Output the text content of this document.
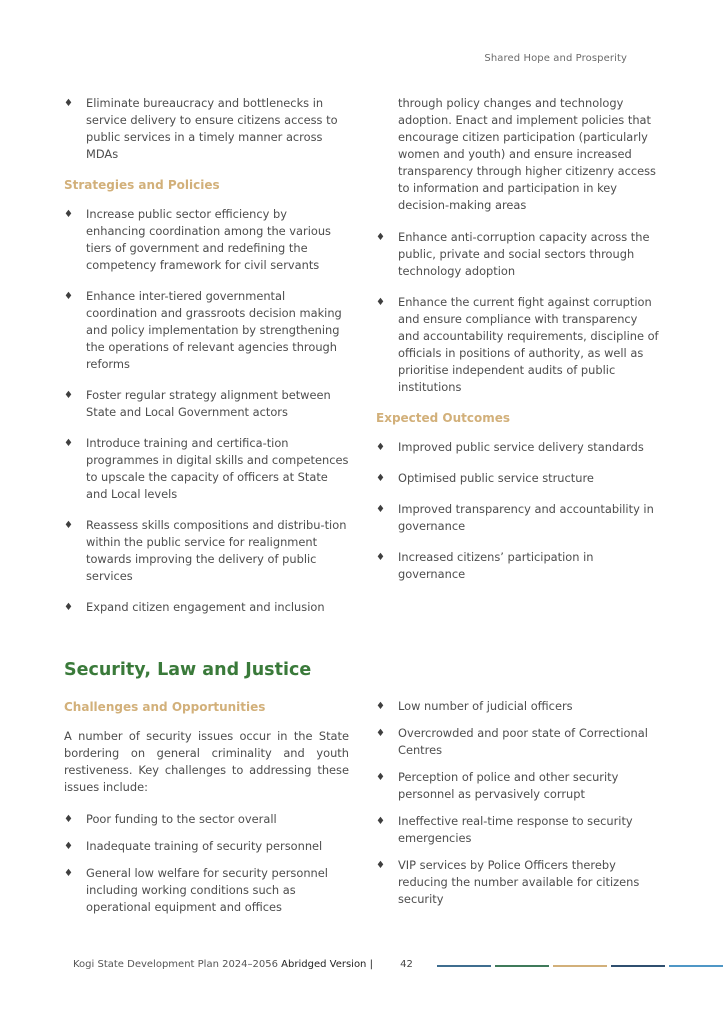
Shared Hope and Prosperity
♦ Eliminate bureaucracy and bottlenecks in service delivery to ensure citizens access to public services in a timely manner across MDAs

Strategies and Policies

♦ Increase public sector efficiency by enhancing coordination among the various tiers of government and redefining the competency framework for civil servants
♦ Enhance inter-tiered governmental coordination and grassroots decision making and policy implementation by strengthening the operations of relevant agencies through reforms
♦ Foster regular strategy alignment between State and Local Government actors
♦ Introduce training and certifica-tion programmes in digital skills and competences to upscale the capacity of officers at State and Local levels
♦ Reassess skills compositions and distribu-tion within the public service for realignment towards improving the delivery of public services
♦ Expand citizen engagement and inclusion

through policy changes and technology adoption. Enact and implement policies that encourage citizen participation (particularly women and youth) and ensure increased transparency through higher citizenry access to information and participation in key decision-making areas

♦ Enhance anti-corruption capacity across the public, private and social sectors through technology adoption
♦ Enhance the current fight against corruption and ensure compliance with transparency and accountability requirements, discipline of officials in positions of authority, as well as prioritise independent audits of public institutions

Expected Outcomes

♦ Improved public service delivery standards
♦ Optimised public service structure
♦ Improved transparency and accountability in governance
♦ Increased citizens’ participation in governance
Security, Law and Justice

Challenges and Opportunities

A number of security issues occur in the State bordering on general criminality and youth restiveness. Key challenges to addressing these issues include:

♦ Poor funding to the sector overall
♦ Inadequate training of security personnel
♦ General low welfare for security personnel including working conditions such as operational equipment and offices
♦ Low number of judicial officers
♦ Overcrowded and poor state of Correctional Centres
♦ Perception of police and other security personnel as pervasively corrupt
♦ Ineffective real-time response to security emergencies
♦ VIP services by Police Officers thereby reducing the number available for citizens security
Kogi State Development Plan 2024–2056 Abridged Version |	42
